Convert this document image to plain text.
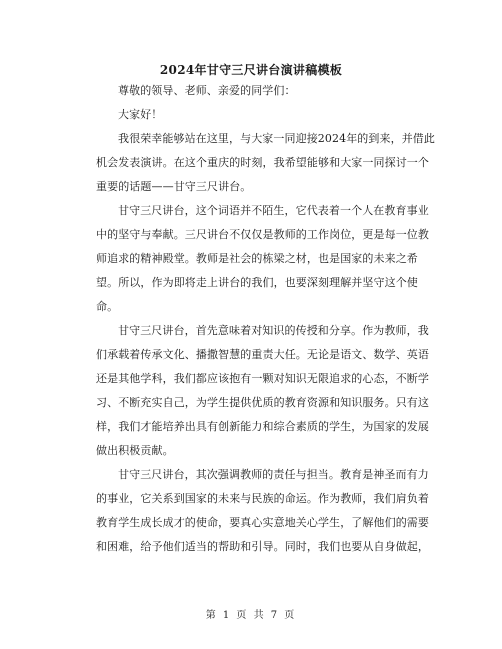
2024年甘守三尺讲台演讲稿模板
尊敬的领导、老师、亲爱的同学们：
大家好！
我很荣幸能够站在这里，与大家一同迎接2024年的到来，并借此
机会发表演讲。在这个重庆的时刻，我希望能够和大家一同探讨一个
重要的话题——甘守三尺讲台。
甘守三尺讲台，这个词语并不陌生，它代表着一个人在教育事业
中的坚守与奉献。三尺讲台不仅仅是教师的工作岗位，更是每一位教
师追求的精神殿堂。教师是社会的栋梁之材，也是国家的未来之希
望。所以，作为即将走上讲台的我们，也要深刻理解并坚守这个使
命。
甘守三尺讲台，首先意味着对知识的传授和分享。作为教师，我
们承载着传承文化、播撒智慧的重责大任。无论是语文、数学、英语
还是其他学科，我们都应该抱有一颗对知识无限追求的心态，不断学
习、不断充实自己，为学生提供优质的教育资源和知识服务。只有这
样，我们才能培养出具有创新能力和综合素质的学生，为国家的发展
做出积极贡献。
甘守三尺讲台，其次强调教师的责任与担当。教育是神圣而有力
的事业，它关系到国家的未来与民族的命运。作为教师，我们肩负着
教育学生成长成才的使命，要真心实意地关心学生，了解他们的需要
和困难，给予他们适当的帮助和引导。同时，我们也要从自身做起，
第 1 页 共 7 页
